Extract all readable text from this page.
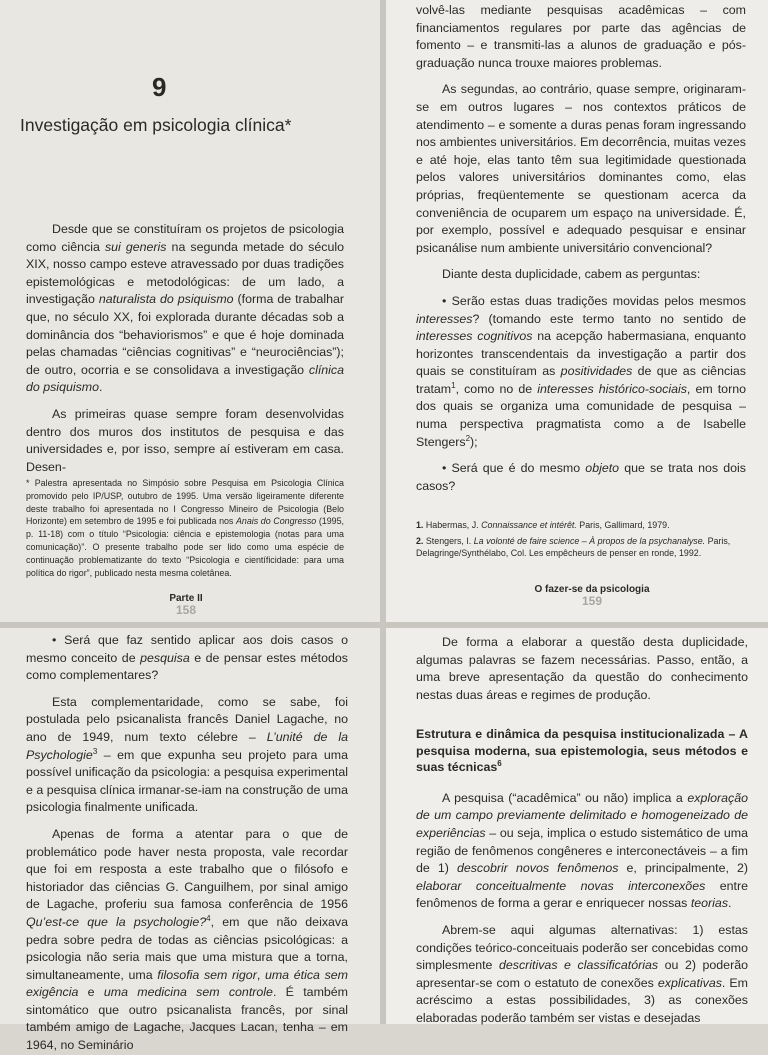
9
Investigação em psicologia clínica*

Desde que se constituíram os projetos de psicologia como ciência sui generis na segunda metade do século XIX, nosso campo esteve atravessado por duas tradições epistemológicas e metodológicas: de um lado, a investigação naturalista do psiquismo (forma de trabalhar que, no século XX, foi explorada durante décadas sob a dominância dos “behaviorismos” e que é hoje dominada pelas chamadas “ciências cognitivas” e “neurociências”); de outro, ocorria e se consolidava a investigação clínica do psiquismo.

As primeiras quase sempre foram desenvolvidas dentro dos muros dos institutos de pesquisa e das universidades e, por isso, sempre aí estiveram em casa. Desen-

* Palestra apresentada no Simpósio sobre Pesquisa em Psicologia Clínica promovido pelo IP/USP, outubro de 1995. Uma versão ligeiramente diferente deste trabalho foi apresentada no I Congresso Mineiro de Psicologia (Belo Horizonte) em setembro de 1995 e foi publicada nos Anais do Congresso (1995, p. 11-18) com o título “Psicologia: ciência e epistemologia (notas para uma comunicação)”. O presente trabalho pode ser lido como uma espécie de continuação problematizante do texto “Psicologia e científicidade: para uma política do rigor”, publicado nesta mesma coletânea.
Parte II
158

volvê-las mediante pesquisas acadêmicas – com financiamentos regulares por parte das agências de fomento – e transmiti-las a alunos de graduação e pós-graduação nunca trouxe maiores problemas.

As segundas, ao contrário, quase sempre, originaram-se em outros lugares – nos contextos práticos de atendimento – e somente a duras penas foram ingressando nos ambientes universitários. Em decorrência, muitas vezes e até hoje, elas tanto têm sua legitimidade questionada pelos valores universitários dominantes como, elas próprias, freqüentemente se questionam acerca da conveniência de ocuparem um espaço na universidade. É, por exemplo, possível e adequado pesquisar e ensinar psicanálise num ambiente universitário convencional?

Diante desta duplicidade, cabem as perguntas:

• Serão estas duas tradições movidas pelos mesmos interesses? (tomando este termo tanto no sentido de interesses cognitivos na acepção habermasiana, enquanto horizontes transcendentais da investigação a partir dos quais se constituíram as positividades de que as ciências tratam$^1$, como no de interesses histórico-sociais, em torno dos quais se organiza uma comunidade de pesquisa – numa perspectiva pragmatista como a de Isabelle Stengers$^2$);

• Será que é do mesmo objeto que se trata nos dois casos?

1. Habermas, J. Connaissance et intérêt. Paris, Gallimard, 1979.

2. Stengers, I. La volonté de faire science – À propos de la psychanalyse. Paris, Delagringe/Synthélabo, Col. Les empêcheurs de penser en ronde, 1992.

O fazer-se da psicologia
159

• Será que faz sentido aplicar aos dois casos o mesmo conceito de pesquisa e de pensar estes métodos como complementares?

Esta complementaridade, como se sabe, foi postulada pelo psicanalista francês Daniel Lagache, no ano de 1949, num texto célebre – L’unité de la Psychologie$^3$ – em que expunha seu projeto para uma possível unificação da psicologia: a pesquisa experimental e a pesquisa clínica irmanar-se-iam na construção de uma psicologia finalmente unificada.

Apenas de forma a atentar para o que de problemático pode haver nesta proposta, vale recordar que foi em resposta a este trabalho que o filósofo e historiador das ciências G. Canguilhem, por sinal amigo de Lagache, proferiu sua famosa conferência de 1956 Qu’est-ce que la psychologie?$^4$, em que não deixava pedra sobre pedra de todas as ciências psicológicas: a psicologia não seria mais que uma mistura que a torna, simultaneamente, uma filosofia sem rigor, uma ética sem exigência e uma medicina sem controle. É também sintomático que outro psicanalista francês, por sinal também amigo de Lagache, Jacques Lacan, tenha – em 1964, no Seminário

De forma a elaborar a questão desta duplicidade, algumas palavras se fazem necessárias. Passo, então, a uma breve apresentação da questão do conhecimento nestas duas áreas e regimes de produção.

Estrutura e dinâmica da pesquisa institucionalizada – A pesquisa moderna, sua epistemologia, seus métodos e suas técnicas$^6$

A pesquisa (“acadêmica” ou não) implica a exploração de um campo previamente delimitado e homogeneizado de experiências – ou seja, implica o estudo sistemático de uma região de fenômenos congêneres e interconectáveis – a fim de 1) descobrir novos fenômenos e, principalmente, 2) elaborar conceitualmente novas interconexões entre fenômenos de forma a gerar e enriquecer nossas teorias.

Abrem-se aqui algumas alternativas: 1) estas condições teórico-conceituais poderão ser concebidas como simplesmente descritivas e classificatórias ou 2) poderão apresentar-se com o estatuto de conexões explicativas. Em acréscimo a estas possibilidades, 3) as conexões elaboradas poderão também ser vistas e desejadas
